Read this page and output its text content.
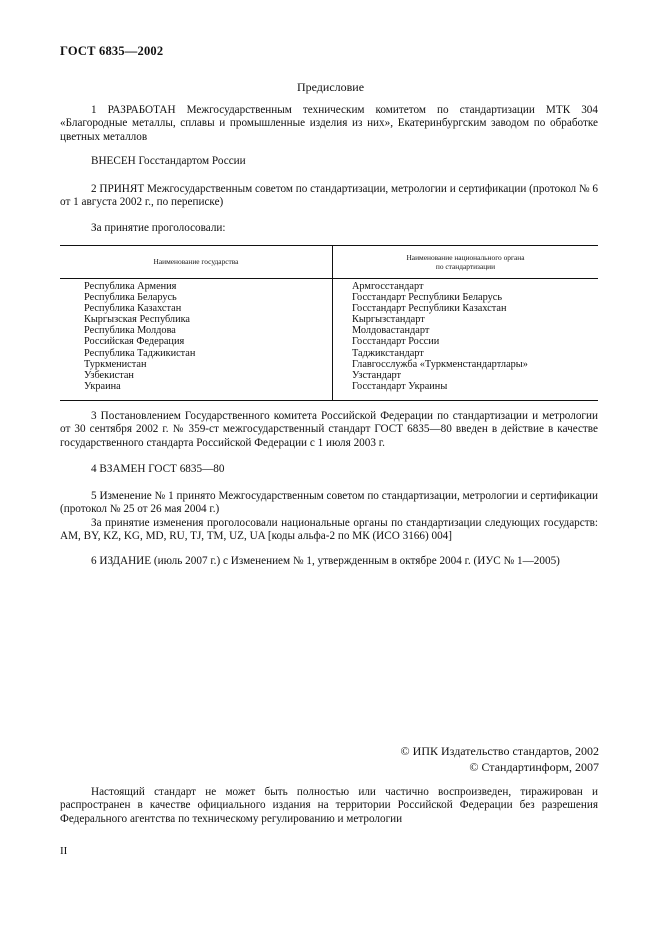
ГОСТ 6835—2002
Предисловие
1 РАЗРАБОТАН Межгосударственным техническим комитетом по стандартизации МТК 304 «Благородные металлы, сплавы и промышленные изделия из них», Екатеринбургским заводом по обработке цветных металлов
ВНЕСЕН Госстандартом России
2 ПРИНЯТ Межгосударственным советом по стандартизации, метрологии и сертификации (протокол № 6 от 1 августа 2002 г., по переписке)
За принятие проголосовали:
Наименование государства
Наименование национального органа
по стандартизации
Республика Армения
Республика Беларусь
Республика Казахстан
Кыргызская Республика
Республика Молдова
Российская Федерация
Республика Таджикистан
Туркменистан
Узбекистан
Украина
Армгосстандарт
Госстандарт Республики Беларусь
Госстандарт Республики Казахстан
Кыргызстандарт
Молдовастандарт
Госстандарт России
Таджикстандарт
Главгосслужба «Туркменстандартлары»
Узстандарт
Госстандарт Украины
3 Постановлением Государственного комитета Российской Федерации по стандартизации и метрологии от 30 сентября 2002 г. № 359-ст межгосударственный стандарт ГОСТ 6835—80 введен в действие в качестве государственного стандарта Российской Федерации с 1 июля 2003 г.
4 ВЗАМЕН ГОСТ 6835—80
5 Изменение № 1 принято Межгосударственным советом по стандартизации, метрологии и сертификации (протокол № 25 от 26 мая 2004 г.)
За принятие изменения проголосовали национальные органы по стандартизации следующих государств: AM, BY, KZ, KG, MD, RU, TJ, TM, UZ, UA [коды альфа-2 по МК (ИСО 3166) 004]
6 ИЗДАНИЕ (июль 2007 г.) с Изменением № 1, утвержденным в октябре 2004 г. (ИУС № 1—2005)
© ИПК Издательство стандартов, 2002
© Стандартинформ, 2007
Настоящий стандарт не может быть полностью или частично воспроизведен, тиражирован и распространен в качестве официального издания на территории Российской Федерации без разрешения Федерального агентства по техническому регулированию и метрологии
II
